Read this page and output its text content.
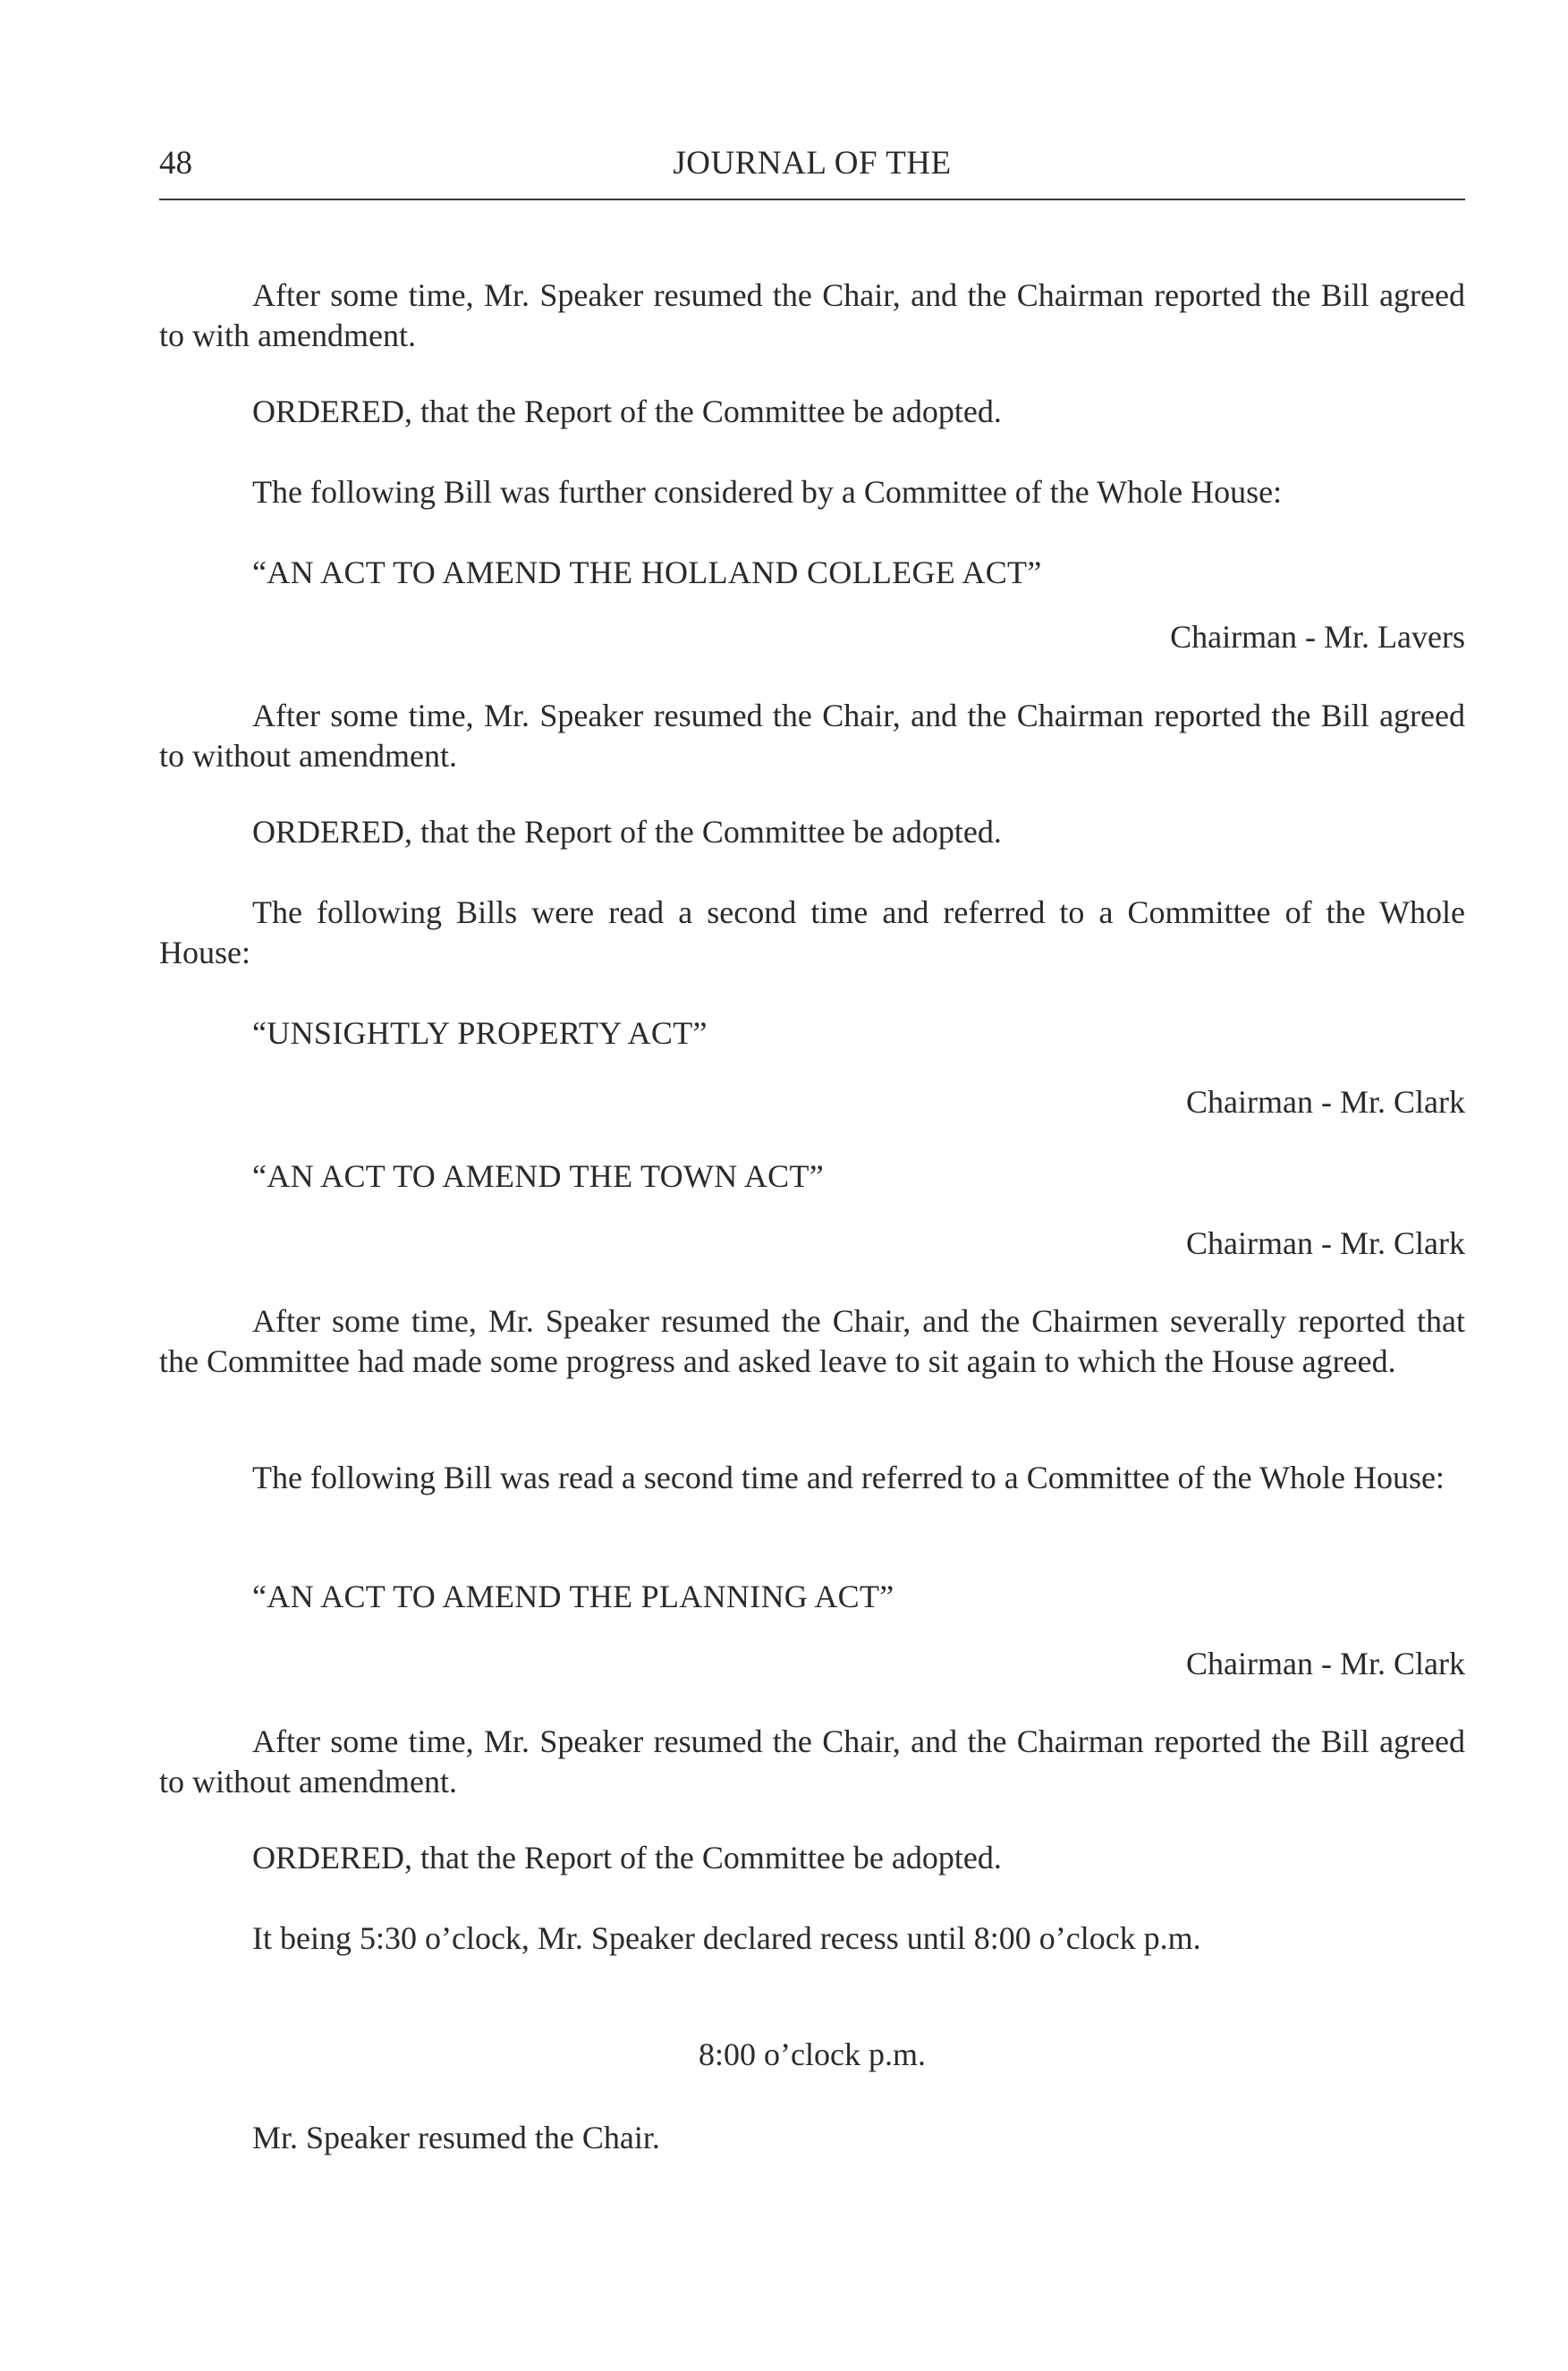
48	JOURNAL OF THE
After some time, Mr. Speaker resumed the Chair, and the Chairman reported the Bill agreed to with amendment.
ORDERED, that the Report of the Committee be adopted.
The following Bill was further considered by a Committee of the Whole House:
“AN ACT TO AMEND THE HOLLAND COLLEGE ACT”
Chairman - Mr. Lavers
After some time, Mr. Speaker resumed the Chair, and the Chairman reported the Bill agreed to without amendment.
ORDERED, that the Report of the Committee be adopted.
The following Bills were read a second time and referred to a Committee of the Whole House:
“UNSIGHTLY PROPERTY ACT”
Chairman - Mr. Clark
“AN ACT TO AMEND THE TOWN ACT”
Chairman - Mr. Clark
After some time, Mr. Speaker resumed the Chair, and the Chairmen severally reported that the Committee had made some progress and asked leave to sit again to which the House agreed.
The following Bill was read a second time and referred to a Committee of the Whole House:
“AN ACT TO AMEND THE PLANNING ACT”
Chairman - Mr. Clark
After some time, Mr. Speaker resumed the Chair, and the Chairman reported the Bill agreed to without amendment.
ORDERED, that the Report of the Committee be adopted.
It being 5:30 o’clock, Mr. Speaker declared recess until 8:00 o’clock p.m.
8:00 o’clock p.m.
Mr. Speaker resumed the Chair.
